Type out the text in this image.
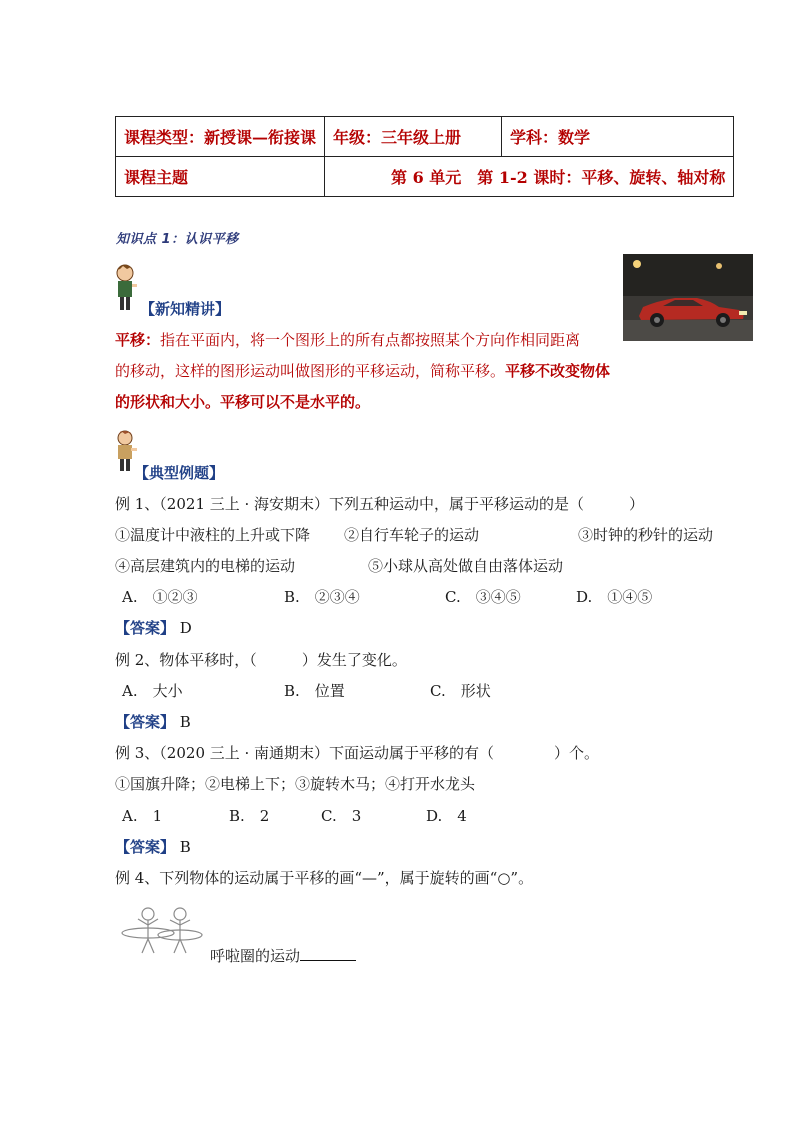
课程类型：新授课—衔接课	年级：三年级上册	学科：数学
课程主题	第 6 单元　第 1-2 课时：平移、旋转、轴对称	
知识点 1：认识平移
【新知精讲】
平移：指在平面内，将一个图形上的所有点都按照某个方向作相同距离
的移动，这样的图形运动叫做图形的平移运动，简称平移。平移不改变物体
的形状和大小。平移可以不是水平的。
【典型例题】
例 1、（2021 三上 · 海安期末）下列五种运动中，属于平移运动的是（　　　）
①温度计中液柱的上升或下降 ②自行车轮子的运动	③时钟的秒针的运动
④高层建筑内的电梯的运动	⑤小球从高处做自由落体运动
A.　①②③	B.　②③④	C.　③④⑤	D.　①④⑤
【答案】 D
例 2、物体平移时，（　　　）发生了变化。
A.　大小	B.　位置	C.　形状
【答案】 B
例 3、（2020 三上 · 南通期末）下面运动属于平移的有（　　　　）个。
①国旗升降；②电梯上下；③旋转木马；④打开水龙头
A.　1	B.　2	C.　3	D.　4
【答案】 B
例 4、下列物体的运动属于平移的画“—”，属于旋转的画“○”。
呼啦圈的运动
